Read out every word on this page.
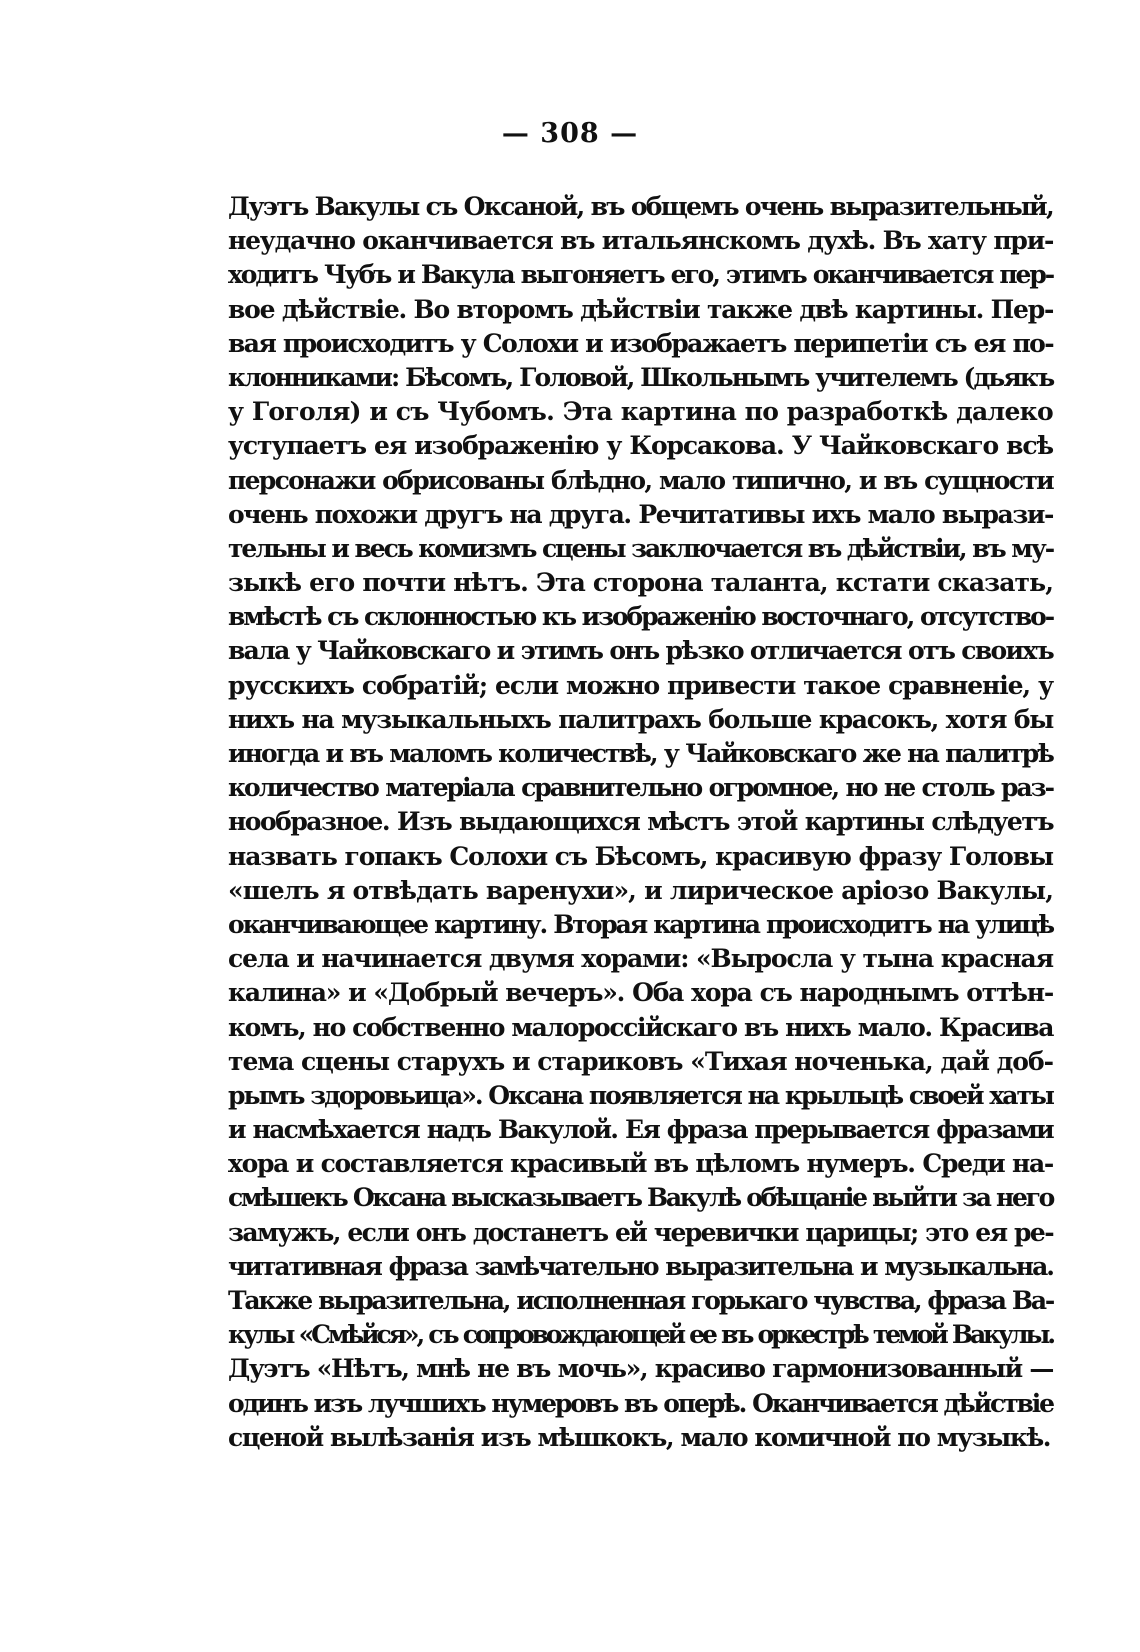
— 308 —
Дуэтъ Вакулы съ Оксаной, въ общемъ очень выразительный,
неудачно оканчивается въ итальянскомъ духѣ. Въ хату при-
ходитъ Чубъ и Вакула выгоняетъ его, этимъ оканчивается пер-
вое дѣйствіе. Во второмъ дѣйствіи также двѣ картины. Пер-
вая происходитъ у Солохи и изображаетъ перипетіи съ ея по-
клонниками: Бѣсомъ, Головой, Школьнымъ учителемъ (дьякъ
у Гоголя) и съ Чубомъ. Эта картина по разработкѣ далеко
уступаетъ ея изображенію у Корсакова. У Чайковскаго всѣ
персонажи обрисованы блѣдно, мало типично, и въ сущности
очень похожи другъ на друга. Речитативы ихъ мало вырази-
тельны и весь комизмъ сцены заключается въ дѣйствіи, въ му-
зыкѣ его почти нѣтъ. Эта сторона таланта, кстати сказать,
вмѣстѣ съ склонностью къ изображенію восточнаго, отсутство-
вала у Чайковскаго и этимъ онъ рѣзко отличается отъ своихъ
русскихъ собратій; если можно привести такое сравненіе, у
нихъ на музыкальныхъ палитрахъ больше красокъ, хотя бы
иногда и въ маломъ количествѣ, у Чайковскаго же на палитрѣ
количество матеріала сравнительно огромное, но не столь раз-
нообразное. Изъ выдающихся мѣстъ этой картины слѣдуетъ
назвать гопакъ Солохи съ Бѣсомъ, красивую фразу Головы
«шелъ я отвѣдать варенухи», и лирическое аріозо Вакулы,
оканчивающее картину. Вторая картина происходитъ на улицѣ
села и начинается двумя хорами: «Выросла у тына красная
калина» и «Добрый вечеръ». Оба хора съ народнымъ оттѣн-
комъ, но собственно малороссійскаго въ нихъ мало. Красива
тема сцены старухъ и стариковъ «Тихая ноченька, дай доб-
рымъ здоровьица». Оксана появляется на крыльцѣ своей хаты
и насмѣхается надъ Вакулой. Ея фраза прерывается фразами
хора и составляется красивый въ цѣломъ нумеръ. Среди на-
смѣшекъ Оксана высказываетъ Вакулѣ обѣщаніе выйти за него
замужъ, если онъ достанетъ ей черевички царицы; это ея ре-
читативная фраза замѣчательно выразительна и музыкальна.
Также выразительна, исполненная горькаго чувства, фраза Ва-
кулы «Смѣйся», съ сопровождающей ее въ оркестрѣ темой Вакулы.
Дуэтъ «Нѣтъ, мнѣ не въ мочь», красиво гармонизованный —
одинъ изъ лучшихъ нумеровъ въ оперѣ. Оканчивается дѣйствіе
сценой вылѣзанія изъ мѣшкокъ, мало комичной по музыкѣ.
